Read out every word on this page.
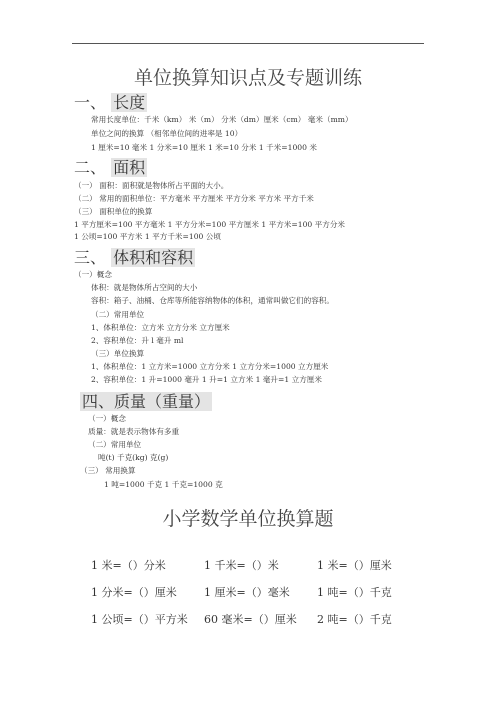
单位换算知识点及专题训练
一、 长度
常用长度单位：千米（km） 米（m） 分米（dm）厘米（cm） 毫米（mm）
单位之间的换算 （相邻单位间的进率是 10）
1 厘米=10 毫米 1 分米=10 厘米 1 米=10 分米 1 千米=1000 米
二、 面积
（一） 面积：面积就是物体所占平面的大小。
（二） 常用的面积单位：平方毫米 平方厘米 平方分米 平方米 平方千米
（三） 面积单位的换算
1 平方厘米=100 平方毫米 1 平方分米=100 平方厘米 1 平方米=100 平方分米
1 公顷=100 平方米 1 平方千米=100 公顷
三、 体积和容积
（一）概念
体积：就是物体所占空间的大小
容积：箱子、油桶、仓库等所能容纳物体的体积，通常叫做它们的容积。
（二）常用单位
1、体积单位：立方米 立方分米 立方厘米
2、容积单位：升 l 毫升 ml
（三）单位换算
1、体积单位：1 立方米=1000 立方分米 1 立方分米=1000 立方厘米
2、容积单位：1 升=1000 毫升 1 升=1 立方米 1 毫升=1 立方厘米
四、质量（重量）
（一）概念
质量：就是表示物体有多重
（二）常用单位
吨(t) 千克(kg) 克(g)
（三） 常用换算
1 吨=1000 千克 1 千克=1000 克
小学数学单位换算题
1 米=（）分米	1 千米=（）米	1 米=（）厘米
1 分米=（）厘米 1 厘米=（）毫米 1 吨=（）千克
1 公顷=（）平方米 60 毫米=（）厘米 2 吨=（）千克
